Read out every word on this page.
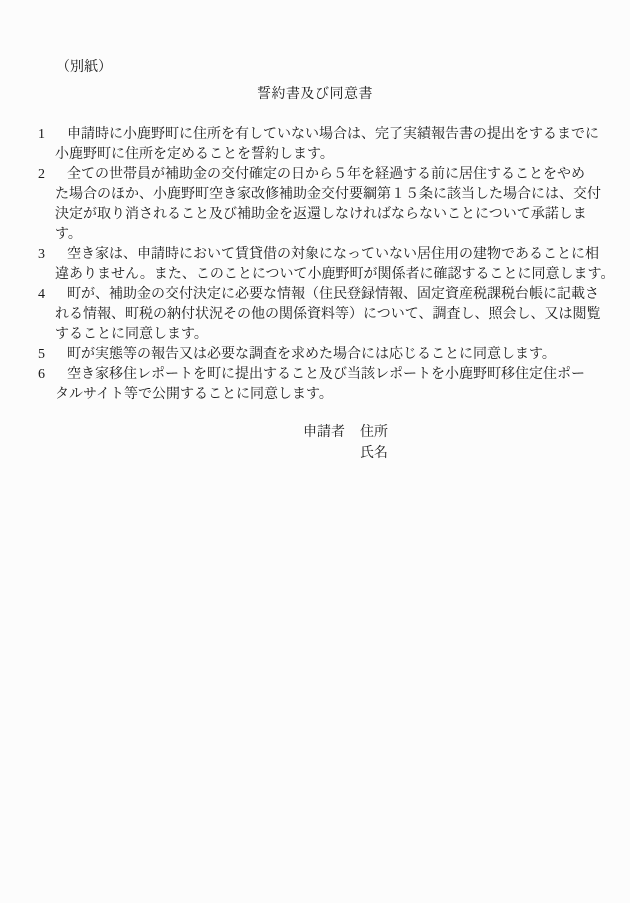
（別紙）
誓約書及び同意書
1 申請時に小鹿野町に住所を有していない場合は、完了実績報告書の提出をするまでに
小鹿野町に住所を定めることを誓約します。
2 全ての世帯員が補助金の交付確定の日から５年を経過する前に居住することをやめ
た場合のほか、小鹿野町空き家改修補助金交付要綱第１５条に該当した場合には、交付
決定が取り消されること及び補助金を返還しなければならないことについて承諾しま
す。
3 空き家は、申請時において賃貸借の対象になっていない居住用の建物であることに相
違ありません。また、このことについて小鹿野町が関係者に確認することに同意します。
4 町が、補助金の交付決定に必要な情報（住民登録情報、固定資産税課税台帳に記載さ
れる情報、町税の納付状況その他の関係資料等）について、調査し、照会し、又は閲覧
することに同意します。
5 町が実態等の報告又は必要な調査を求めた場合には応じることに同意します。
6 空き家移住レポートを町に提出すること及び当該レポートを小鹿野町移住定住ポー
タルサイト等で公開することに同意します。
申請者 住所
氏名
